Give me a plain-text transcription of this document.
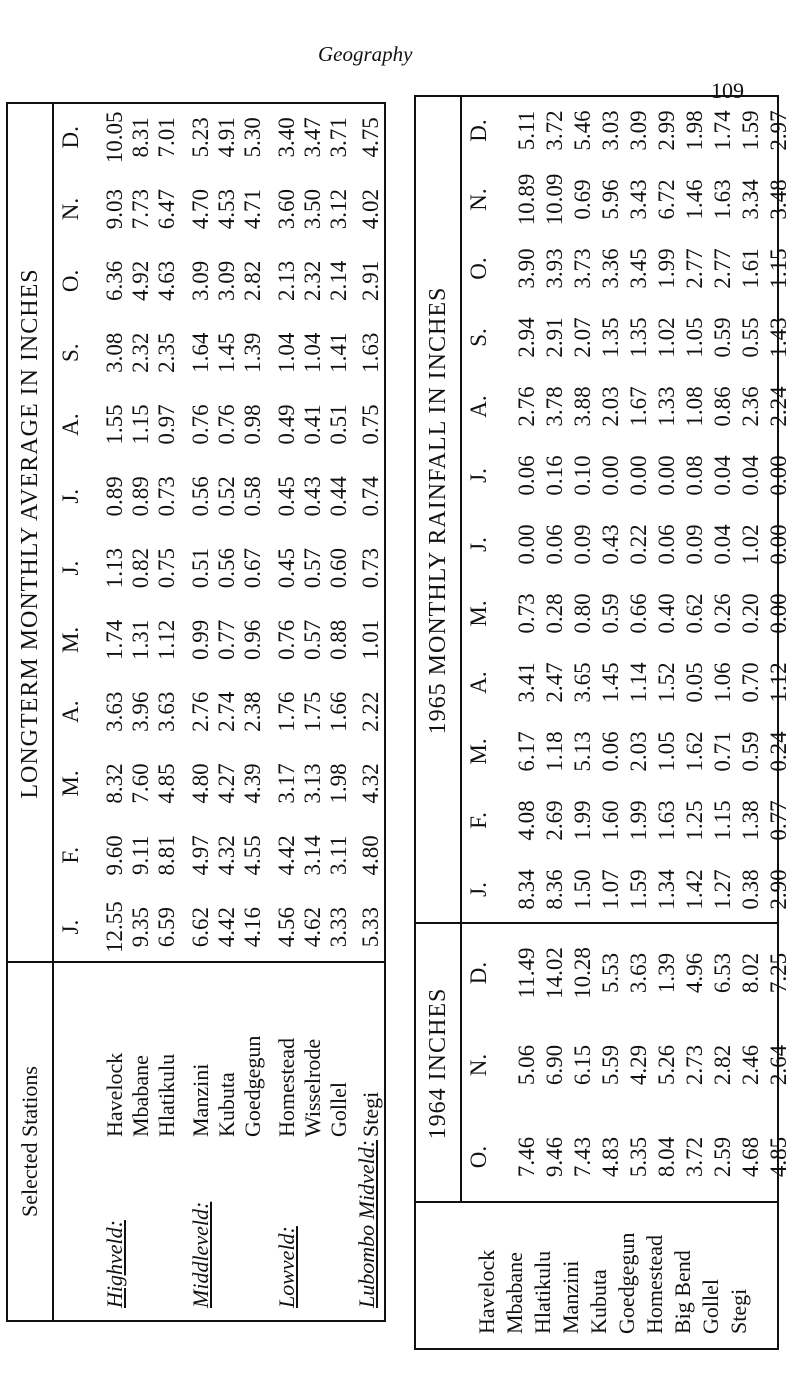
Geography
109
Selected Stations
LONGTERM MONTHLY AVERAGE IN INCHES
Highveld:
Havelock Mbabane Hlatikulu
Middleveld:
Manzini Kubuta Goedgegun
Lowveld:
Homestead Wisselrode Gollel
Lubombo Midveld:
Stegi
J.
F.
M.
A.
M.
J.
J.
A.
S.
O.
N.
D.
12.55
9.60
8.32
3.63
1.74
1.13
0.89
1.55
3.08
6.36
9.03
10.05
9.35
9.11
7.60
3.96
1.31
0.82
0.89
1.15
2.32
4.92
7.73
8.31
6.59
8.81
4.85
3.63
1.12
0.75
0.73
0.97
2.35
4.63
6.47
7.01
6.62
4.97
4.80
2.76
0.99
0.51
0.56
0.76
1.64
3.09
4.70
5.23
4.42
4.32
4.27
2.74
0.77
0.56
0.52
0.76
1.45
3.09
4.53
4.91
4.16
4.55
4.39
2.38
0.96
0.67
0.58
0.98
1.39
2.82
4.71
5.30
4.56
4.42
3.17
1.76
0.76
0.45
0.45
0.49
1.04
2.13
3.60
3.40
4.62
3.14
3.13
1.75
0.57
0.57
0.43
0.41
1.04
2.32
3.50
3.47
3.33
3.11
1.98
1.66
0.88
0.60
0.44
0.51
1.41
2.14
3.12
3.71
5.33
4.80
4.32
2.22
1.01
0.73
0.74
0.75
1.63
2.91
4.02
4.75
Havelock Mbabane Hlatikulu Manzini Kubuta Goedgegun Homestead Big Bend Gollel Stegi
1964 INCHES
1965 MONTHLY RAINFALL IN INCHES
O.
N.
D.
7.46
5.06
11.49
9.46
6.90
14.02
7.43
6.15
10.28
4.83
5.59
5.53
5.35
4.29
3.63
8.04
5.26
1.39
3.72
2.73
4.96
2.59
2.82
6.53
4.68
2.46
8.02
4.85
2.64
7.25
J.
F.
M.
A.
M.
J.
J.
A.
S.
O.
N.
D.
8.34
4.08
6.17
3.41
0.73
0.00
0.06
2.76
2.94
3.90
10.89
5.11
8.36
2.69
1.18
2.47
0.28
0.06
0.16
3.78
2.91
3.93
10.09
3.72
1.50
1.99
5.13
3.65
0.80
0.09
0.10
3.88
2.07
3.73
0.69
5.46
1.07
1.60
0.06
1.45
0.59
0.43
0.00
2.03
1.35
3.36
5.96
3.03
1.59
1.99
2.03
1.14
0.66
0.22
0.00
1.67
1.35
3.45
3.43
3.09
1.34
1.63
1.05
1.52
0.40
0.06
0.00
1.33
1.02
1.99
6.72
2.99
1.42
1.25
1.62
0.05
0.62
0.09
0.08
1.08
1.05
2.77
1.46
1.98
1.27
1.15
0.71
1.06
0.26
0.04
0.04
0.86
0.59
2.77
1.63
1.74
0.38
1.38
0.59
0.70
0.20
1.02
0.04
2.36
0.55
1.61
3.34
1.59
2.90
0.77
0.24
1.12
0.00
0.00
0.00
2.24
1.43
1.15
3.48
2.97
